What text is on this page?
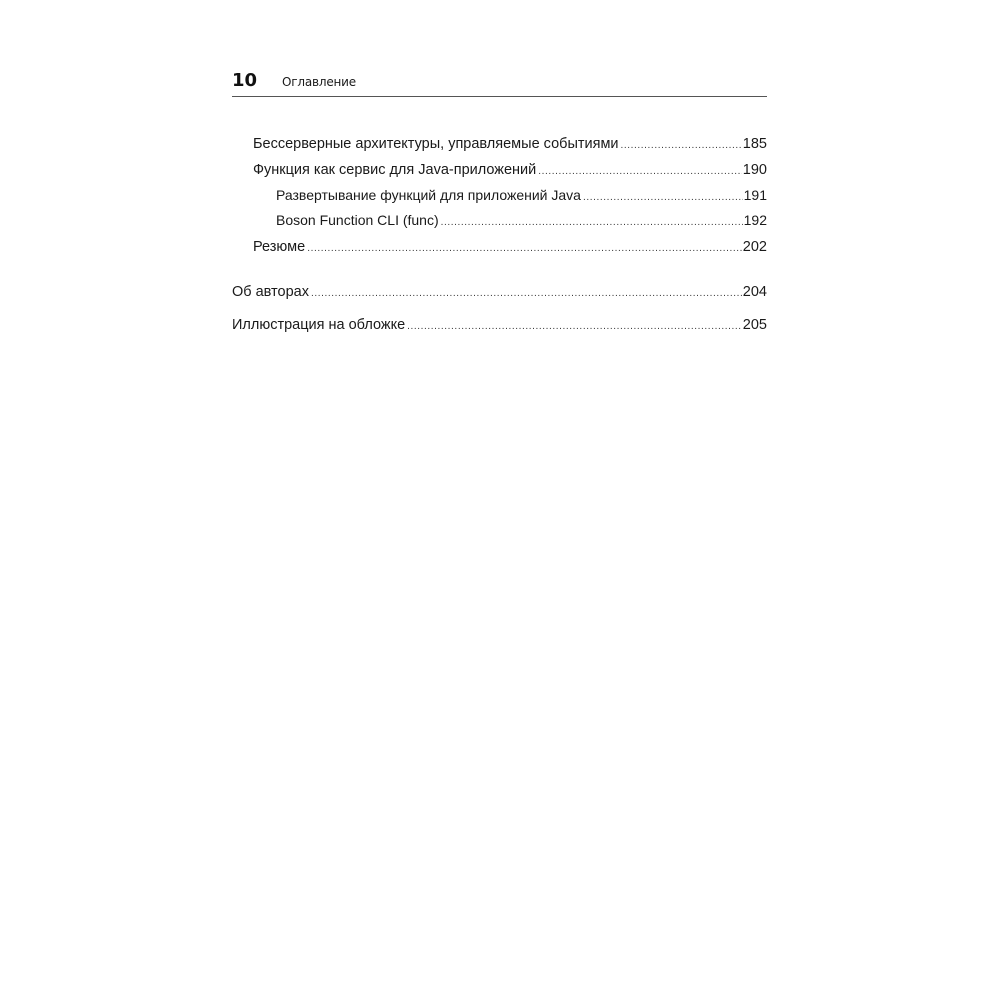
10 Оглавление
Бессерверные архитектуры, управляемые событиями .....	185
Функция как сервис для Java-приложений .....	190
Развертывание функций для приложений Java .....	191
Boson Function CLI (func) .....	192
Резюме .....	202
Об авторах .....	204
Иллюстрация на обложке .....	205
